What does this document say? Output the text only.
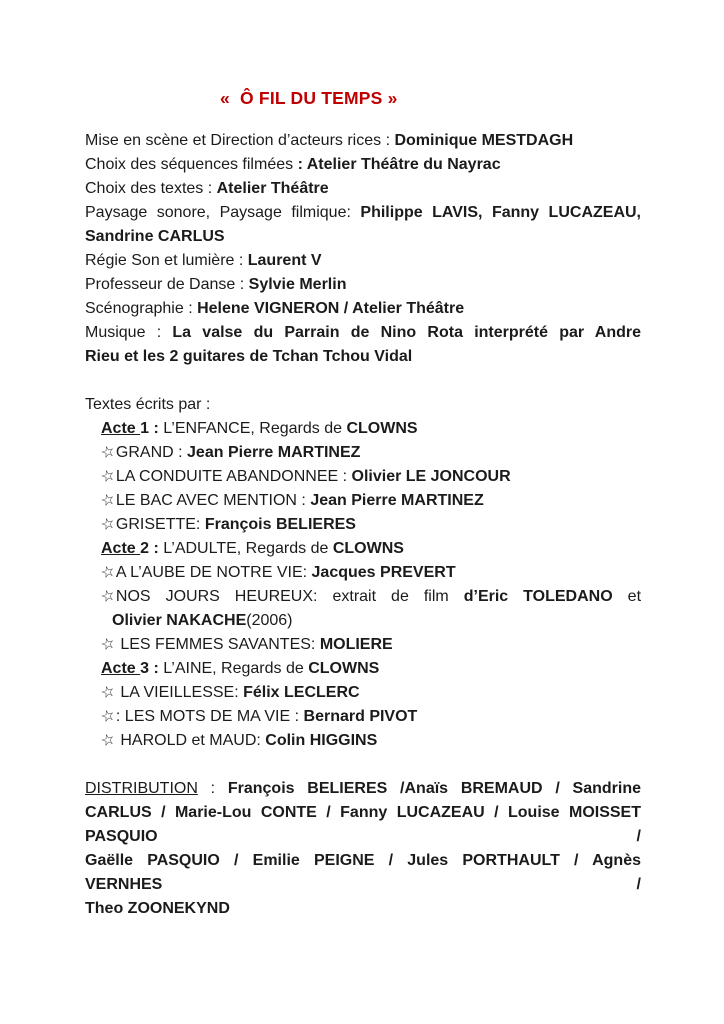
«  Ô FIL DU TEMPS »
Mise en scène et Direction d’acteurs rices : Dominique MESTDAGH
Choix des séquences filmées : Atelier Théâtre du Nayrac
Choix des textes : Atelier Théâtre
Paysage sonore, Paysage filmique: Philippe LAVIS, Fanny LUCAZEAU,
Sandrine CARLUS
Régie Son et lumière : Laurent V
Professeur de Danse : Sylvie Merlin
Scénographie : Helene VIGNERON / Atelier Théâtre
Musique : La valse du Parrain de Nino Rota interprété par Andre
Rieu et les 2 guitares de Tchan Tchou Vidal
Textes écrits par :
Acte 1 : L’ENFANCE, Regards de CLOWNS
☆GRAND : Jean Pierre MARTINEZ
☆LA CONDUITE ABANDONNEE : Olivier LE JONCOUR
☆LE BAC AVEC MENTION : Jean Pierre MARTINEZ
☆GRISETTE: François BELIERES
Acte 2 : L’ADULTE, Regards de CLOWNS
☆A L’AUBE DE NOTRE VIE: Jacques PREVERT
☆NOS JOURS HEUREUX: extrait de film d’Eric TOLEDANO et
Olivier NAKACHE(2006)
☆ LES FEMMES SAVANTES: MOLIERE
Acte 3 : L’AINE, Regards de CLOWNS
☆ LA VIEILLESSE: Félix LECLERC
☆: LES MOTS DE MA VIE : Bernard PIVOT
☆ HAROLD et MAUD: Colin HIGGINS
DISTRIBUTION : François BELIERES /Anaïs BREMAUD / Sandrine
CARLUS / Marie-Lou CONTE / Fanny LUCAZEAU / Louise MOISSET
PASQUIO	/
Gaëlle PASQUIO / Emilie PEIGNE / Jules PORTHAULT / Agnès
VERNHES	/
Theo ZOONEKYND
